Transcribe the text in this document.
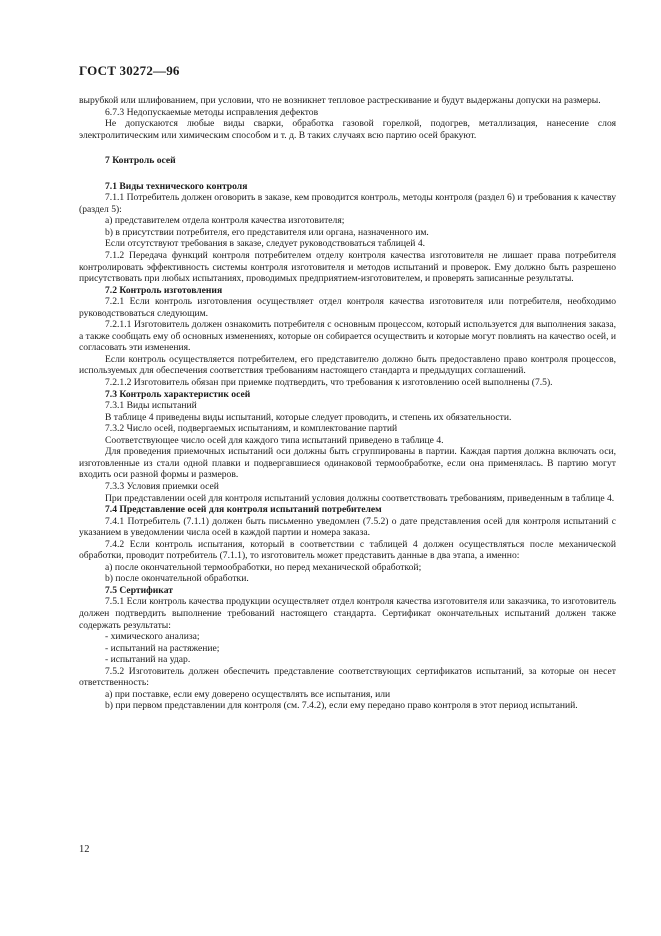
ГОСТ 30272—96

вырубкой или шлифованием, при условии, что не возникнет тепловое растрескивание и будут выдержаны допуски на размеры.

6.7.3 Недопускаемые методы исправления дефектов

Не допускаются любые виды сварки, обработка газовой горелкой, подогрев, металлизация, нанесение слоя электролитическим или химическим способом и т. д. В таких случаях всю партию осей бракуют.

7 Контроль осей

7.1 Виды технического контроля

7.1.1 Потребитель должен оговорить в заказе, кем проводится контроль, методы контроля (раздел 6) и требования к качеству (раздел 5):

a) представителем отдела контроля качества изготовителя;

b) в присутствии потребителя, его представителя или органа, назначенного им.

Если отсутствуют требования в заказе, следует руководствоваться таблицей 4.

7.1.2 Передача функций контроля потребителем отделу контроля качества изготовителя не лишает права потребителя контролировать эффективность системы контроля изготовителя и методов испытаний и проверок. Ему должно быть разрешено присутствовать при любых испытаниях, проводимых предприятием-изготовителем, и проверять записанные результаты.

7.2 Контроль изготовления

7.2.1 Если контроль изготовления осуществляет отдел контроля качества изготовителя или потребителя, необходимо руководствоваться следующим.

7.2.1.1 Изготовитель должен ознакомить потребителя с основным процессом, который используется для выполнения заказа, а также сообщать ему об основных изменениях, которые он собирается осуществить и которые могут повлиять на качество осей, и согласовать эти изменения.

Если контроль осуществляется потребителем, его представителю должно быть предоставлено право контроля процессов, используемых для обеспечения соответствия требованиям настоящего стандарта и предыдущих соглашений.

7.2.1.2 Изготовитель обязан при приемке подтвердить, что требования к изготовлению осей выполнены (7.5).

7.3 Контроль характеристик осей

7.3.1 Виды испытаний

В таблице 4 приведены виды испытаний, которые следует проводить, и степень их обязательности.

7.3.2 Число осей, подвергаемых испытаниям, и комплектование партий

Соответствующее число осей для каждого типа испытаний приведено в таблице 4.

Для проведения приемочных испытаний оси должны быть сгруппированы в партии. Каждая партия должна включать оси, изготовленные из стали одной плавки и подвергавшиеся одинаковой термообработке, если она применялась. В партию могут входить оси разной формы и размеров.

7.3.3 Условия приемки осей

При представлении осей для контроля испытаний условия должны соответствовать требованиям, приведенным в таблице 4.

7.4 Представление осей для контроля испытаний потребителем

7.4.1 Потребитель (7.1.1) должен быть письменно уведомлен (7.5.2) о дате представления осей для контроля испытаний с указанием в уведомлении числа осей в каждой партии и номера заказа.

7.4.2 Если контроль испытания, который в соответствии с таблицей 4 должен осуществляться после механической обработки, проводит потребитель (7.1.1), то изготовитель может представить данные в два этапа, а именно:

a) после окончательной термообработки, но перед механической обработкой;

b) после окончательной обработки.

7.5 Сертификат

7.5.1 Если контроль качества продукции осуществляет отдел контроля качества изготовителя или заказчика, то изготовитель должен подтвердить выполнение требований настоящего стандарта. Сертификат окончательных испытаний должен также содержать результаты:

- химического анализа;

- испытаний на растяжение;

- испытаний на удар.

7.5.2 Изготовитель должен обеспечить представление соответствующих сертификатов испытаний, за которые он несет ответственность:

a) при поставке, если ему доверено осуществлять все испытания, или

b) при первом представлении для контроля (см. 7.4.2), если ему передано право контроля в этот период испытаний.

12
